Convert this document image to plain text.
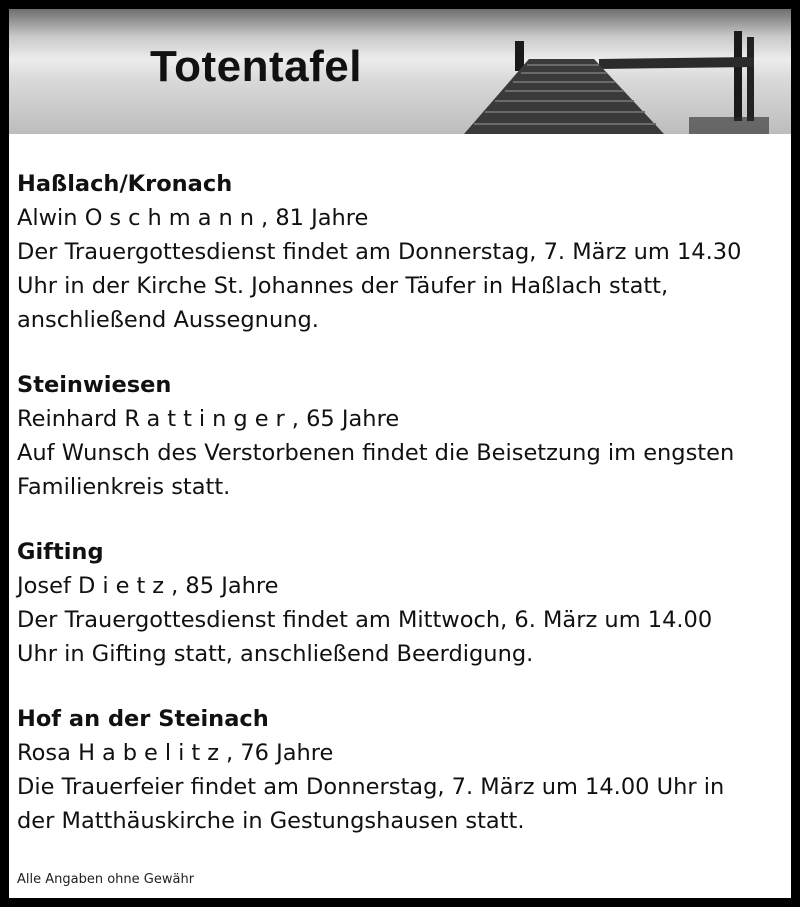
Totentafel
Haßlach/Kronach
Alwin Oschmann, 81 Jahre
Der Trauergottesdienst findet am Donnerstag, 7. März um 14.30
Uhr in der Kirche St. Johannes der Täufer in Haßlach statt,
anschließend Aussegnung.
Steinwiesen
Reinhard Rattinger, 65 Jahre
Auf Wunsch des Verstorbenen findet die Beisetzung im engsten
Familienkreis statt.
Gifting
Josef Dietz, 85 Jahre
Der Trauergottesdienst findet am Mittwoch, 6. März um 14.00
Uhr in Gifting statt, anschließend Beerdigung.
Hof an der Steinach
Rosa Habelitz, 76 Jahre
Die Trauerfeier findet am Donnerstag, 7. März um 14.00 Uhr in
der Matthäuskirche in Gestungshausen statt.
Alle Angaben ohne Gewähr
